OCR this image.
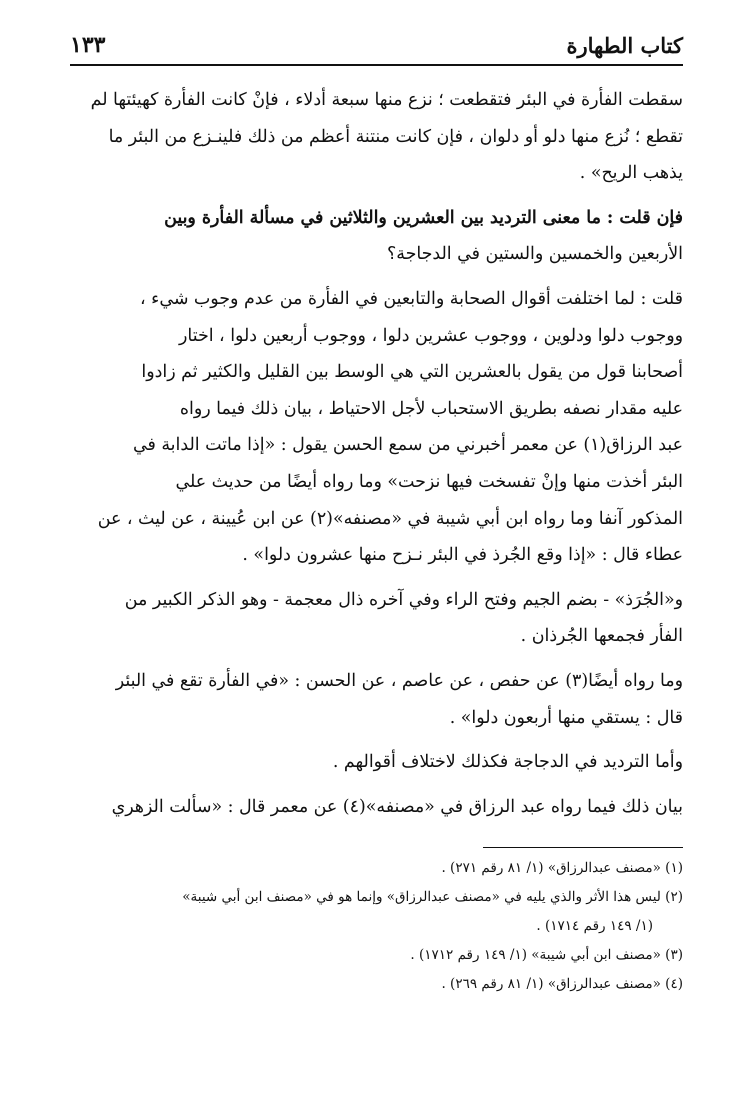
كتاب الطهارة
١٣٣
سقطت الفأرة في البئر فتقطعت ؛ نزع منها سبعة أدلاء ، فإنْ كانت الفأرة كهيئتها لم
تقطع ؛ نُزع منها دلو أو دلوان ، فإن كانت منتنة أعظم من ذلك فلينـزع من البئر ما
يذهب الريح» .
فإن قلت : ما معنى الترديد بين العشرين والثلاثين في مسألة الفأرة وبين
الأربعين والخمسين والستين في الدجاجة؟
قلت : لما اختلفت أقوال الصحابة والتابعين في الفأرة من عدم وجوب شيء ،
ووجوب دلوا ودلوين ، ووجوب عشرين دلوا ، ووجوب أربعين دلوا ، اختار
أصحابنا قول من يقول بالعشرين التي هي الوسط بين القليل والكثير ثم زادوا
عليه مقدار نصفه بطريق الاستحباب لأجل الاحتياط ، بيان ذلك فيما رواه
عبد الرزاق(١) عن معمر أخبرني من سمع الحسن يقول : «إذا ماتت الدابة في
البئر أخذت منها وإنْ تفسخت فيها نزحت» وما رواه أيضًا من حديث علي
المذكور آنفا وما رواه ابن أبي شيبة في «مصنفه»(٢) عن ابن عُيينة ، عن ليث ، عن
عطاء قال : «إذا وقع الجُرذ في البئر نـزح منها عشرون دلوا» .
و«الجُرَذ» - بضم الجيم وفتح الراء وفي آخره ذال معجمة - وهو الذكر الكبير من
الفأر فجمعها الجُرذان .
وما رواه أيضًا(٣) عن حفص ، عن عاصم ، عن الحسن : «في الفأرة تقع في البئر
قال : يستقي منها أربعون دلوا» .
وأما الترديد في الدجاجة فكذلك لاختلاف أقوالهم .
بيان ذلك فيما رواه عبد الرزاق في «مصنفه»(٤) عن معمر قال : «سألت الزهري
(١) «مصنف عبدالرزاق» (١/ ٨١ رقم ٢٧١) .
(٢) ليس هذا الأثر والذي يليه في «مصنف عبدالرزاق» وإنما هو في «مصنف ابن أبي شيبة»
(١/ ١٤٩ رقم ١٧١٤) .
(٣) «مصنف ابن أبي شيبة» (١/ ١٤٩ رقم ١٧١٢) .
(٤) «مصنف عبدالرزاق» (١/ ٨١ رقم ٢٦٩) .
